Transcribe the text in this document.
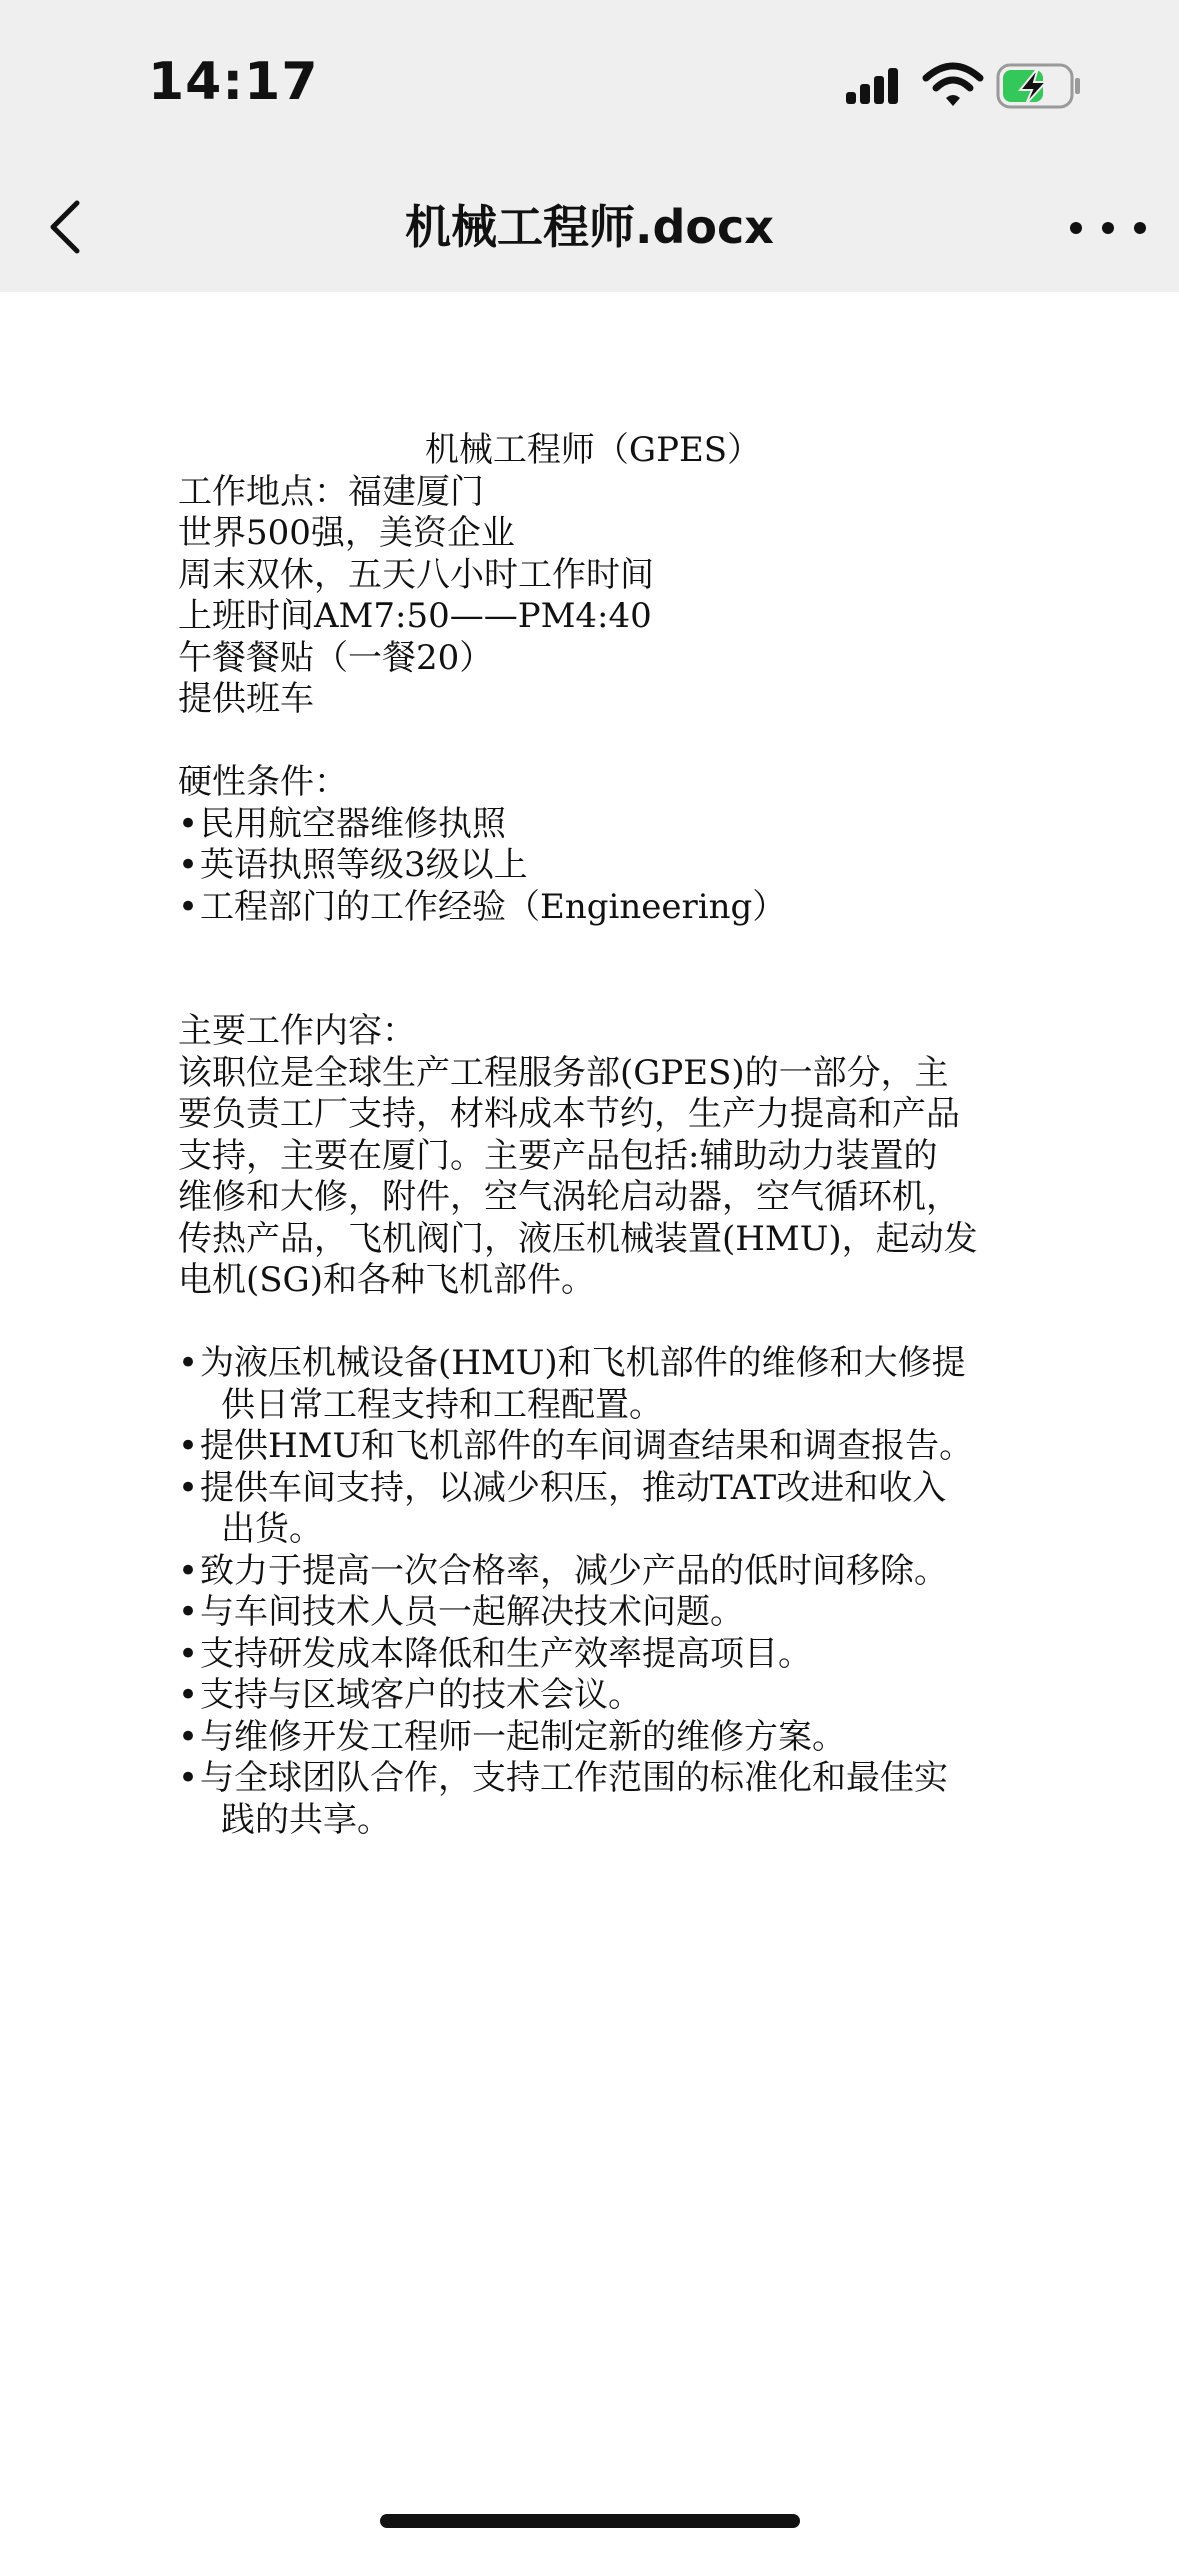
14:17
机械工程师.docx

机械工程师（GPES）

工作地点：福建厦门

世界500强，美资企业

周末双休，五天八小时工作时间

上班时间AM7:50——PM4:40

午餐餐贴（一餐20）

提供班车

硬性条件：

• 民用航空器维修执照
• 英语执照等级3级以上
• 工程部门的工作经验（Engineering）

主要工作内容：

该职位是全球生产工程服务部(GPES)的一部分，主

要负责工厂支持，材料成本节约，生产力提高和产品

支持，主要在厦门。主要产品包括:辅助动力装置的

维修和大修，附件，空气涡轮启动器，空气循环机，

传热产品，飞机阀门，液压机械装置(HMU)，起动发

电机(SG)和各种飞机部件。

• 为液压机械设备(HMU)和飞机部件的维修和大修提
供日常工程支持和工程配置。
• 提供HMU和飞机部件的车间调查结果和调查报告。
• 提供车间支持，以减少积压，推动TAT改进和收入
出货。
• 致力于提高一次合格率，减少产品的低时间移除。
• 与车间技术人员一起解决技术问题。
• 支持研发成本降低和生产效率提高项目。
• 支持与区域客户的技术会议。
• 与维修开发工程师一起制定新的维修方案。
• 与全球团队合作，支持工作范围的标准化和最佳实
践的共享。
